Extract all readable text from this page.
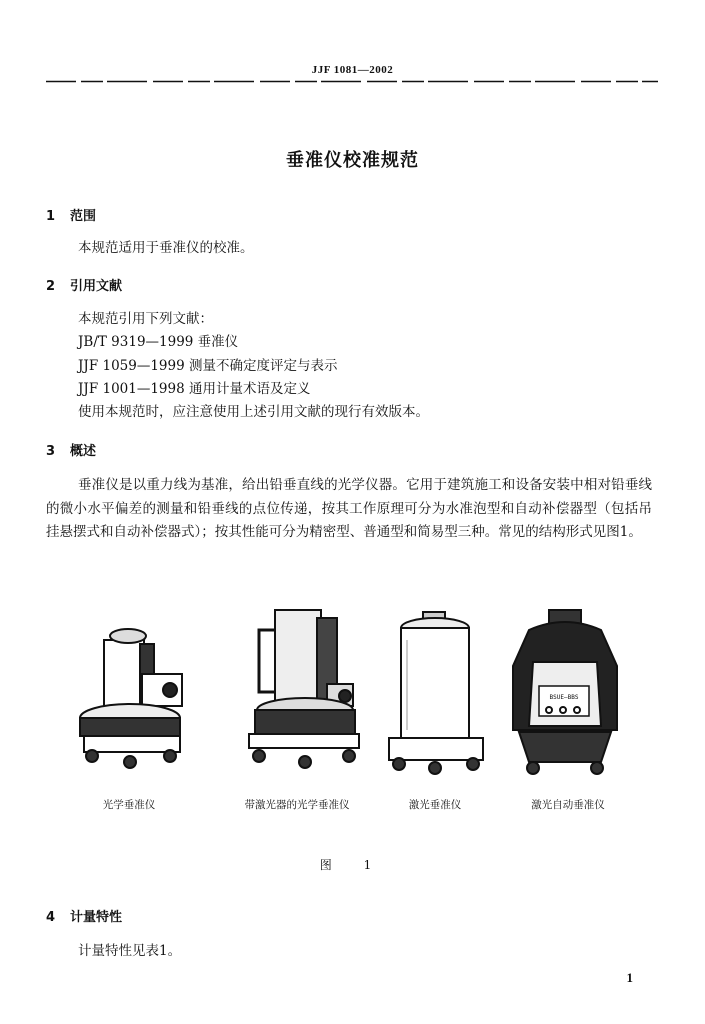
JJF 1081—2002
垂准仪校准规范
1 范围
本规范适用于垂准仪的校准。
2 引用文献
本规范引用下列文献：
JB/T 9319—1999 垂准仪
JJF 1059—1999 测量不确定度评定与表示
JJF 1001—1998 通用计量术语及定义
使用本规范时，应注意使用上述引用文献的现行有效版本。
3 概述
垂准仪是以重力线为基准，给出铅垂直线的光学仪器。它用于建筑施工和设备安装中相对铅垂线的微小水平偏差的测量和铅垂线的点位传递，按其工作原理可分为水准泡型和自动补偿器型（包括吊挂悬摆式和自动补偿器式）；按其性能可分为精密型、普通型和简易型三种。常见的结构形式见图1。
BSUE—BBS
光学垂准仪	带激光器的光学垂准仪	激光垂准仪	激光自动垂准仪
图 1
4 计量特性
计量特性见表1。
1
